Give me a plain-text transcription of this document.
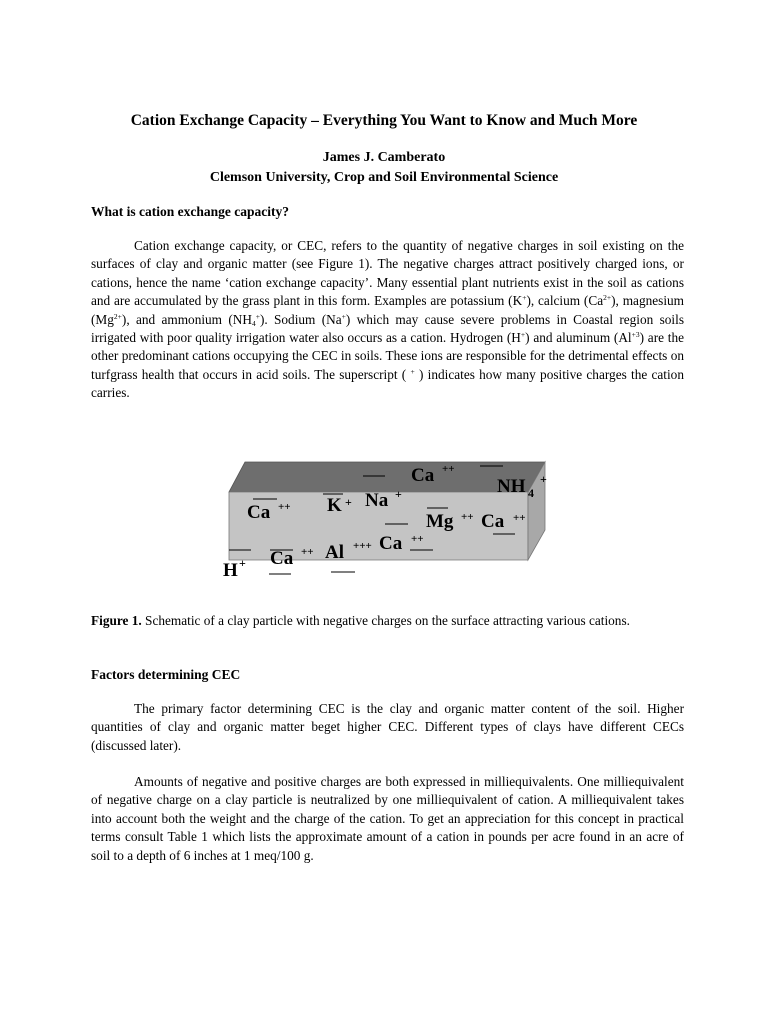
Cation Exchange Capacity – Everything You Want to Know and Much More
James J. Camberato
Clemson University, Crop and Soil Environmental Science
What is cation exchange capacity?

Cation exchange capacity, or CEC, refers to the quantity of negative charges in soil existing on the surfaces of clay and organic matter (see Figure 1). The negative charges attract positively charged ions, or cations, hence the name ‘cation exchange capacity’. Many essential plant nutrients exist in the soil as cations and are accumulated by the grass plant in this form. Examples are potassium (K+), calcium $(Ca^{2+})$, magnesium $(Mg^{2+})$, and ammonium $(NH_4^+)$. Sodium (Na+) which may cause severe problems in Coastal region soils irrigated with poor quality irrigation water also occurs as a cation. Hydrogen (H+) and aluminum $(Al^{+3})$ are the other predominant cations occupying the CEC in soils. These ions are responsible for the detrimental effects on turfgrass health that occurs in acid soils. The superscript ( + ) indicates how many positive charges the cation carries.

Ca ++
NH 4
+
Ca ++ K + Na +
Mg ++ Ca ++
Ca ++
Al +++
Ca ++
H +
Figure 1. Schematic of a clay particle with negative charges on the surface attracting various cations.
Factors determining CEC

The primary factor determining CEC is the clay and organic matter content of the soil. Higher quantities of clay and organic matter beget higher CEC. Different types of clays have different CECs (discussed later).

Amounts of negative and positive charges are both expressed in milliequivalents. One milliequivalent of negative charge on a clay particle is neutralized by one milliequivalent of cation. A milliequivalent takes into account both the weight and the charge of the cation. To get an appreciation for this concept in practical terms consult Table 1 which lists the approximate amount of a cation in pounds per acre found in an acre of soil to a depth of 6 inches at 1 meq/100 g.
